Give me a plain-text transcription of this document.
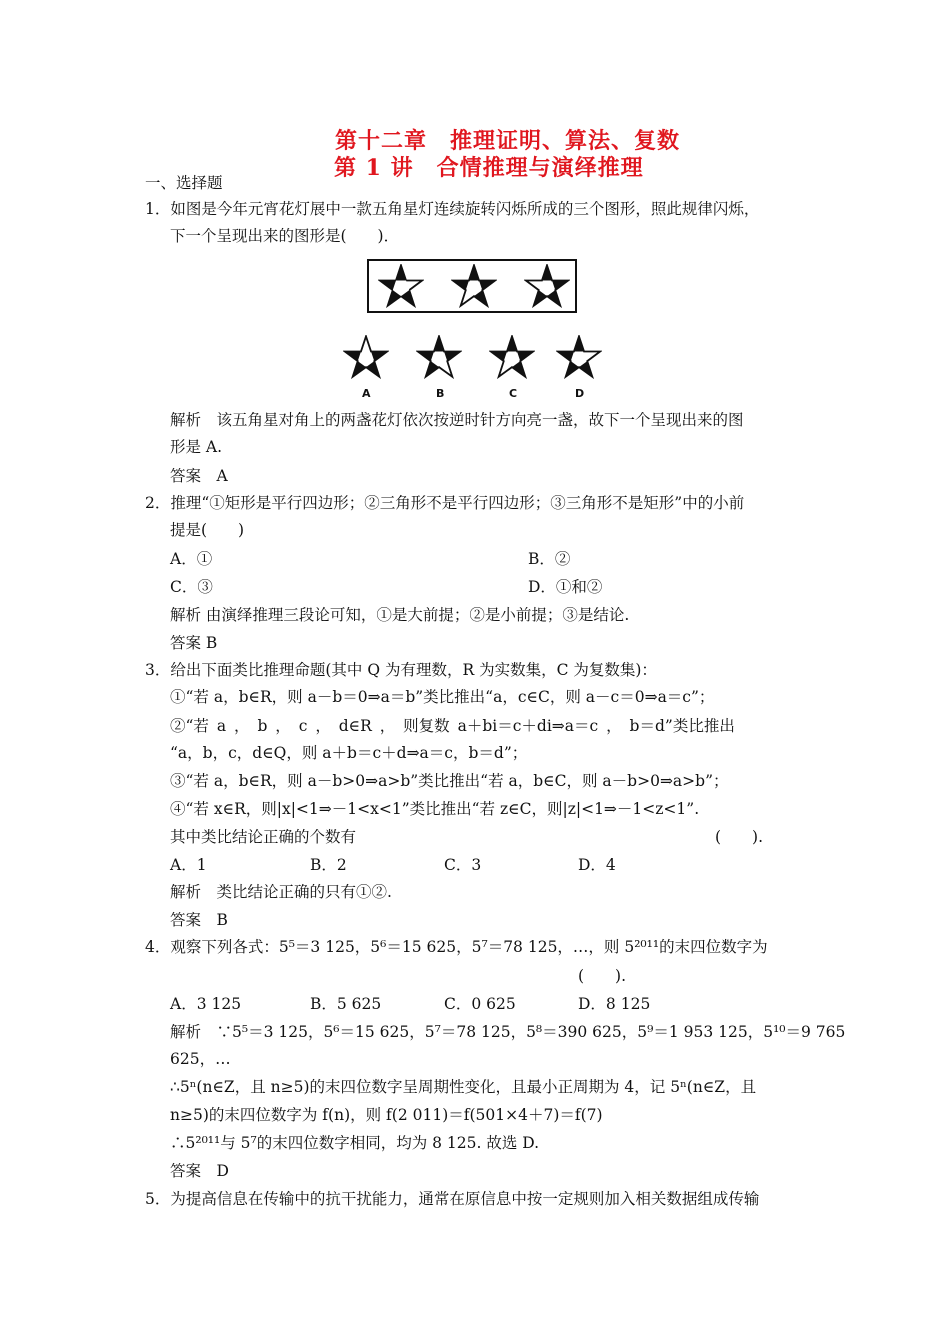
第十二章　推理证明、算法、复数
第 1 讲　合情推理与演绎推理
一、选择题
1．如图是今年元宵花灯展中一款五角星灯连续旋转闪烁所成的三个图形，照此规律闪烁，
下一个呈现出来的图形是(　　)．
A	B	C	D
解析　该五角星对角上的两盏花灯依次按逆时针方向亮一盏，故下一个呈现出来的图
形是 A.
答案　A
2．推理“①矩形是平行四边形；②三角形不是平行四边形；③三角形不是矩形”中的小前
提是(　　)
A．①	B．②
C．③	D．①和②
解析 由演绎推理三段论可知，①是大前提；②是小前提；③是结论.
答案 B
3．给出下面类比推理命题(其中 Q 为有理数，R 为实数集，C 为复数集)：
①“若 a，b∈R，则 a－b＝0⇒a＝b”类比推出“a，c∈C，则 a－c＝0⇒a＝c”；
②“若 a ， b ， c ， d∈R ， 则复数 a＋bi＝c＋di⇒a＝c ， b＝d”类比推出
“a，b，c，d∈Q，则 a＋b＝c＋d⇒a＝c，b＝d”；
③“若 a，b∈R，则 a－b>0⇒a>b”类比推出“若 a，b∈C，则 a－b>0⇒a>b”；
④“若 x∈R，则|x|<1⇒－1<x<1”类比推出“若 z∈C，则|z|<1⇒－1<z<1”.
其中类比结论正确的个数有	(　　).
A．1	B．2	C．3	D．4
解析　类比结论正确的只有①②.
答案　B
4．观察下列各式：5⁵＝3 125，5⁶＝15 625，5⁷＝78 125，…，则 5²⁰¹¹的末四位数字为
(　　).
A．3 125	B．5 625	C．0 625	D．8 125
解析　∵5⁵＝3 125，5⁶＝15 625，5⁷＝78 125，5⁸＝390 625，5⁹＝1 953 125，5¹⁰＝9 765
625，…
∴5ⁿ(n∈Z，且 n≥5)的末四位数字呈周期性变化，且最小正周期为 4，记 5ⁿ(n∈Z，且
n≥5)的末四位数字为 f(n)，则 f(2 011)＝f(501×4＋7)＝f(7)
∴5²⁰¹¹与 5⁷的末四位数字相同，均为 8 125. 故选 D.
答案　D
5．为提高信息在传输中的抗干扰能力，通常在原信息中按一定规则加入相关数据组成传输
